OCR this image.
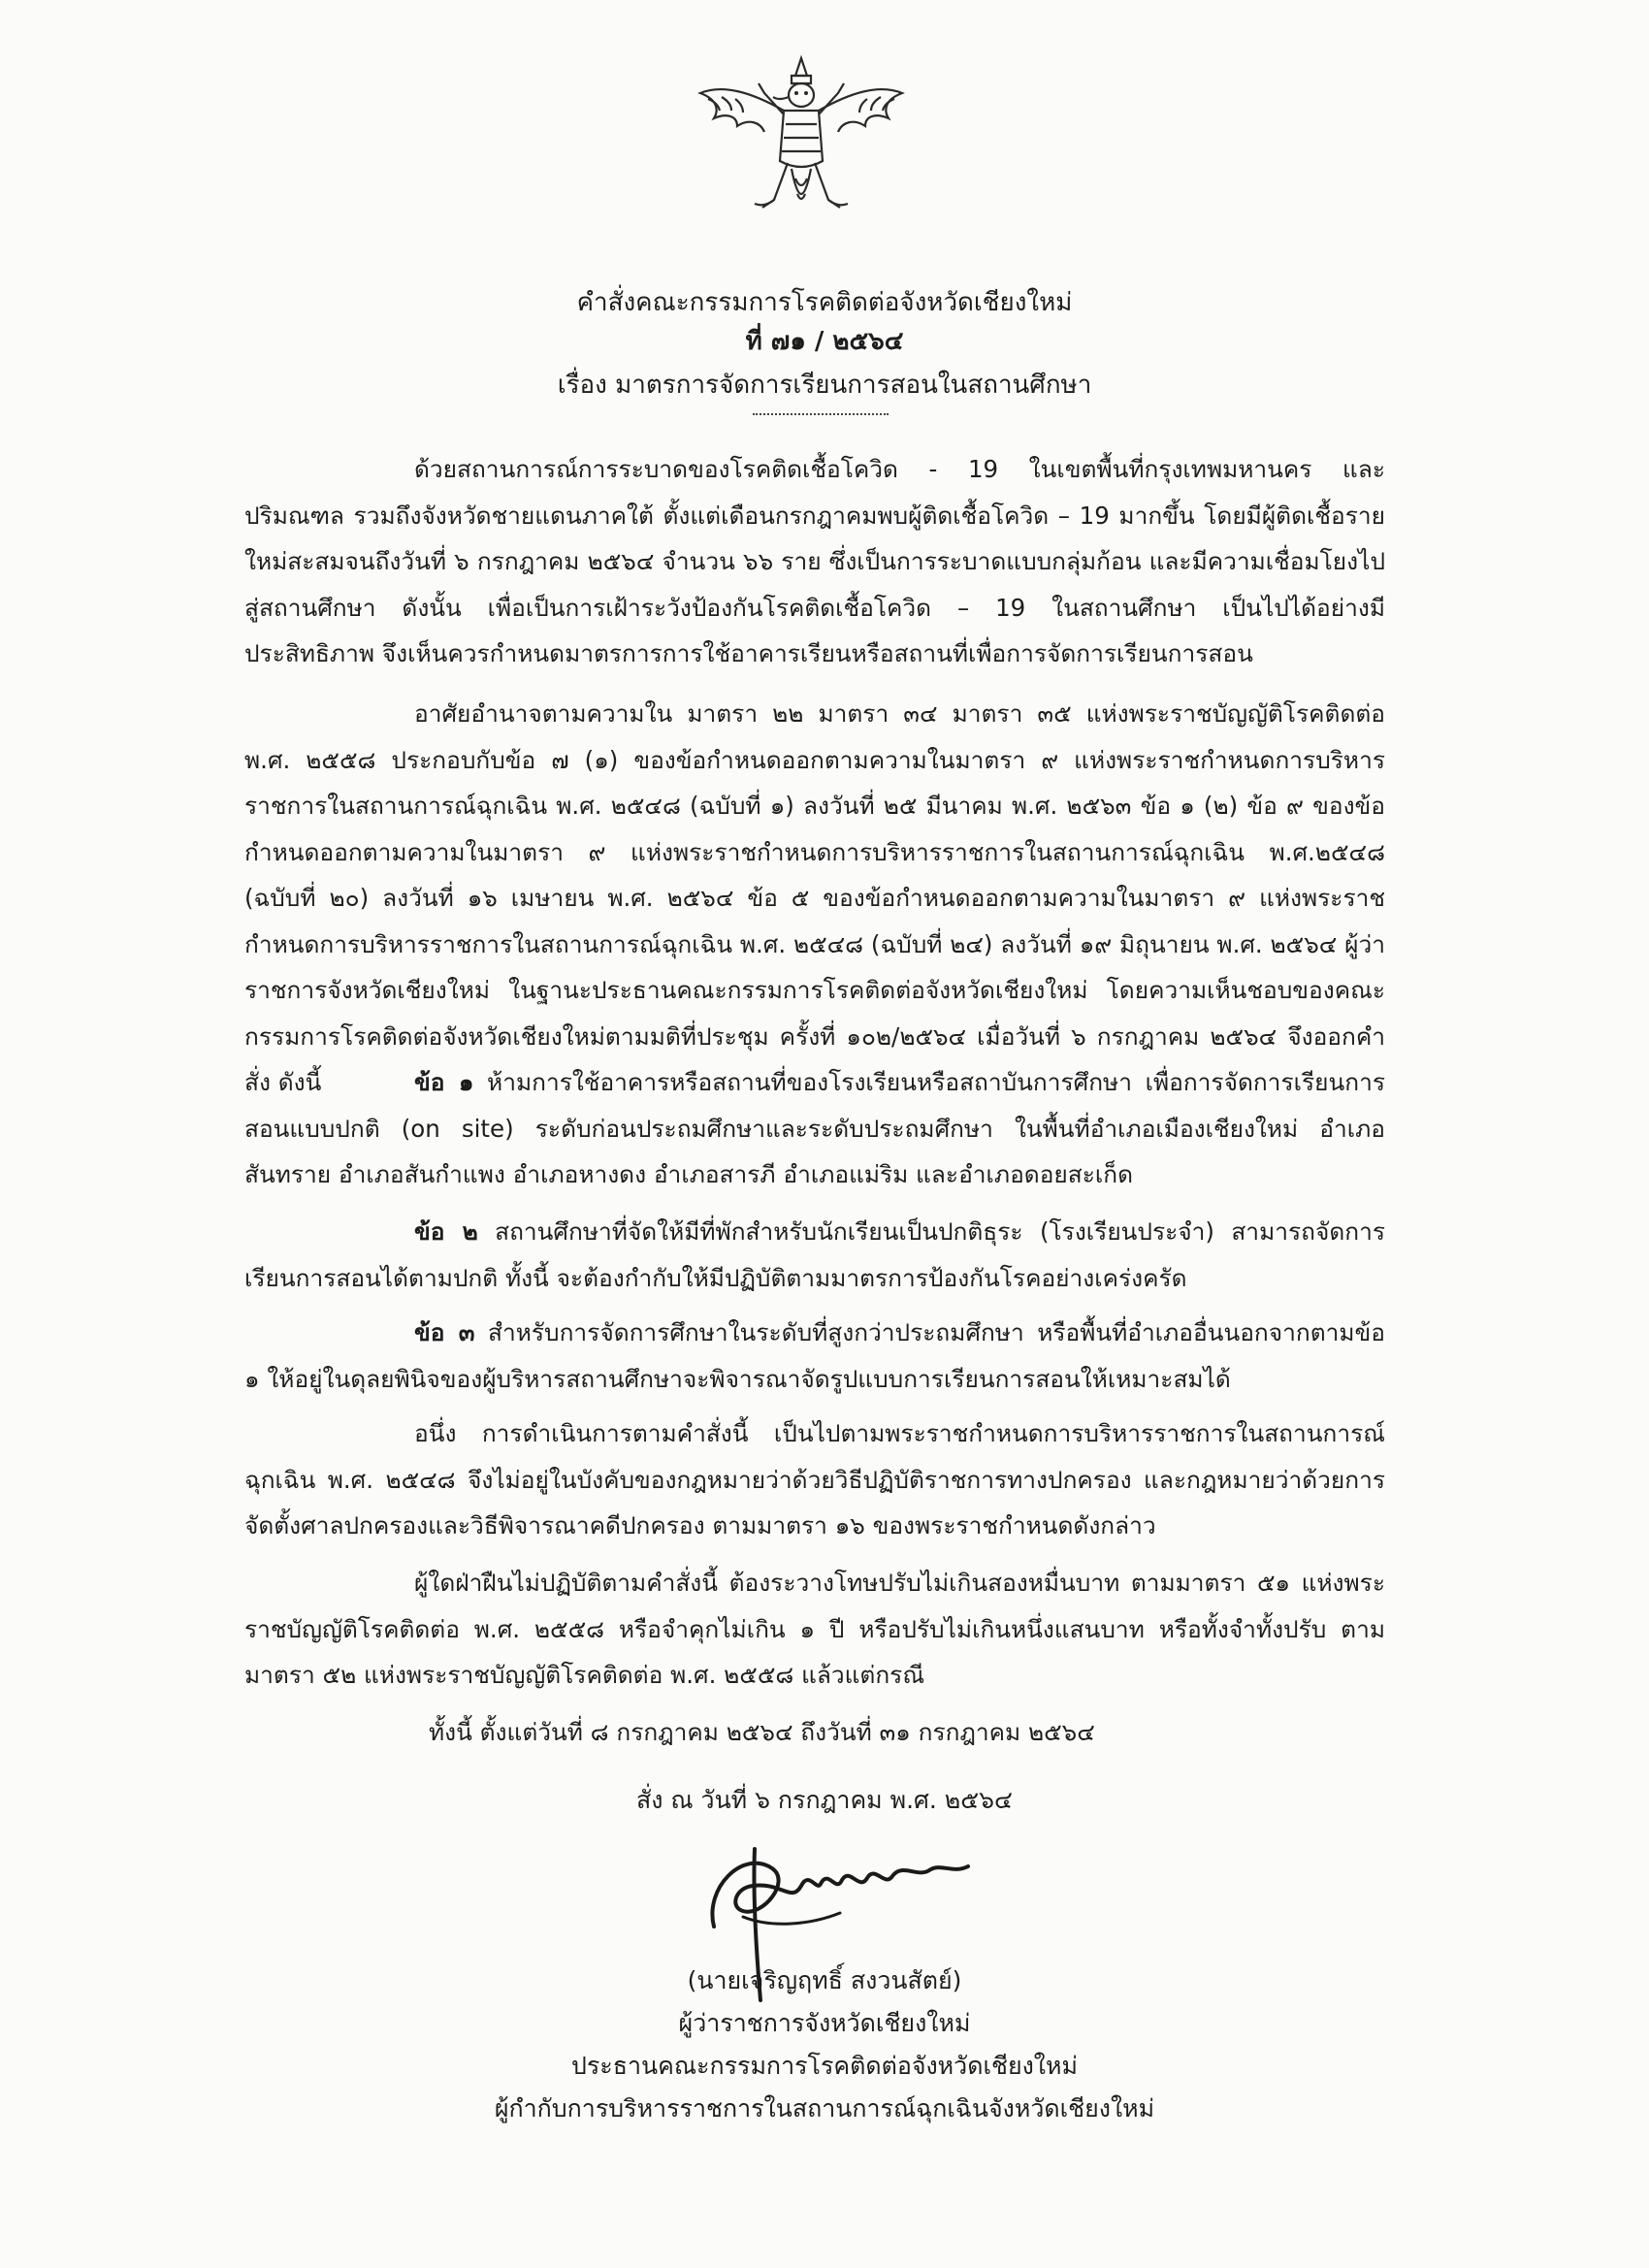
คำสั่งคณะกรรมการโรคติดต่อจังหวัดเชียงใหม่
ที่ ๗๑ / ๒๕๖๔
เรื่อง มาตรการจัดการเรียนการสอนในสถานศึกษา

ด้วยสถานการณ์การระบาดของโรคติดเชื้อโควิด - 19 ในเขตพื้นที่กรุงเทพมหานคร และปริมณฑล รวมถึงจังหวัดชายแดนภาคใต้ ตั้งแต่เดือนกรกฎาคมพบผู้ติดเชื้อโควิด – 19 มากขึ้น โดยมีผู้ติดเชื้อรายใหม่สะสมจนถึงวันที่ ๖ กรกฎาคม ๒๕๖๔ จำนวน ๖๖ ราย ซึ่งเป็นการระบาดแบบกลุ่มก้อน และมีความเชื่อมโยงไปสู่สถานศึกษา ดังนั้น เพื่อเป็นการเฝ้าระวังป้องกันโรคติดเชื้อโควิด – 19 ในสถานศึกษา เป็นไปได้อย่างมีประสิทธิภาพ จึงเห็นควรกำหนดมาตรการการใช้อาคารเรียนหรือสถานที่เพื่อการจัดการเรียนการสอน

อาศัยอำนาจตามความใน มาตรา ๒๒ มาตรา ๓๔ มาตรา ๓๕ แห่งพระราชบัญญัติโรคติดต่อ พ.ศ. ๒๕๕๘ ประกอบกับข้อ ๗ (๑) ของข้อกำหนดออกตามความในมาตรา ๙ แห่งพระราชกำหนดการบริหารราชการในสถานการณ์ฉุกเฉิน พ.ศ. ๒๕๔๘ (ฉบับที่ ๑) ลงวันที่ ๒๕ มีนาคม พ.ศ. ๒๕๖๓ ข้อ ๑ (๒) ข้อ ๙ ของข้อกำหนดออกตามความในมาตรา ๙ แห่งพระราชกำหนดการบริหารราชการในสถานการณ์ฉุกเฉิน พ.ศ.๒๕๔๘ (ฉบับที่ ๒๐) ลงวันที่ ๑๖ เมษายน พ.ศ. ๒๕๖๔ ข้อ ๕ ของข้อกำหนดออกตามความในมาตรา ๙ แห่งพระราชกำหนดการบริหารราชการในสถานการณ์ฉุกเฉิน พ.ศ. ๒๕๔๘ (ฉบับที่ ๒๔) ลงวันที่ ๑๙ มิถุนายน พ.ศ. ๒๕๖๔ ผู้ว่าราชการจังหวัดเชียงใหม่ ในฐานะประธานคณะกรรมการโรคติดต่อจังหวัดเชียงใหม่ โดยความเห็นชอบของคณะกรรมการโรคติดต่อจังหวัดเชียงใหม่ตามมติที่ประชุม ครั้งที่ ๑๐๒/๒๕๖๔ เมื่อวันที่ ๖ กรกฎาคม ๒๕๖๔ จึงออกคำสั่ง ดังนี้	ข้อ ๑ ห้ามการใช้อาคารหรือสถานที่ของโรงเรียนหรือสถาบันการศึกษา เพื่อการจัดการเรียนการสอนแบบปกติ (on site) ระดับก่อนประถมศึกษาและระดับประถมศึกษา ในพื้นที่อำเภอเมืองเชียงใหม่ อำเภอสันทราย อำเภอสันกำแพง อำเภอหางดง อำเภอสารภี อำเภอแม่ริม และอำเภอดอยสะเก็ด

ข้อ ๒ สถานศึกษาที่จัดให้มีที่พักสำหรับนักเรียนเป็นปกติธุระ (โรงเรียนประจำ) สามารถจัดการเรียนการสอนได้ตามปกติ ทั้งนี้ จะต้องกำกับให้มีปฏิบัติตามมาตรการป้องกันโรคอย่างเคร่งครัด

ข้อ ๓ สำหรับการจัดการศึกษาในระดับที่สูงกว่าประถมศึกษา หรือพื้นที่อำเภออื่นนอกจากตามข้อ ๑ ให้อยู่ในดุลยพินิจของผู้บริหารสถานศึกษาจะพิจารณาจัดรูปแบบการเรียนการสอนให้เหมาะสมได้

อนึ่ง การดำเนินการตามคำสั่งนี้ เป็นไปตามพระราชกำหนดการบริหารราชการในสถานการณ์ฉุกเฉิน พ.ศ. ๒๕๔๘ จึงไม่อยู่ในบังคับของกฎหมายว่าด้วยวิธีปฏิบัติราชการทางปกครอง และกฎหมายว่าด้วยการจัดตั้งศาลปกครองและวิธีพิจารณาคดีปกครอง ตามมาตรา ๑๖ ของพระราชกำหนดดังกล่าว

ผู้ใดฝ่าฝืนไม่ปฏิบัติตามคำสั่งนี้ ต้องระวางโทษปรับไม่เกินสองหมื่นบาท ตามมาตรา ๕๑ แห่งพระราชบัญญัติโรคติดต่อ พ.ศ. ๒๕๕๘ หรือจำคุกไม่เกิน ๑ ปี หรือปรับไม่เกินหนึ่งแสนบาท หรือทั้งจำทั้งปรับ ตามมาตรา ๕๒ แห่งพระราชบัญญัติโรคติดต่อ พ.ศ. ๒๕๕๘ แล้วแต่กรณี

ทั้งนี้ ตั้งแต่วันที่ ๘ กรกฎาคม ๒๕๖๔ ถึงวันที่ ๓๑ กรกฎาคม ๒๕๖๔

สั่ง ณ วันที่ ๖ กรกฎาคม พ.ศ. ๒๕๖๔
(นายเจริญฤทธิ์ สงวนสัตย์)
ผู้ว่าราชการจังหวัดเชียงใหม่
ประธานคณะกรรมการโรคติดต่อจังหวัดเชียงใหม่
ผู้กำกับการบริหารราชการในสถานการณ์ฉุกเฉินจังหวัดเชียงใหม่
